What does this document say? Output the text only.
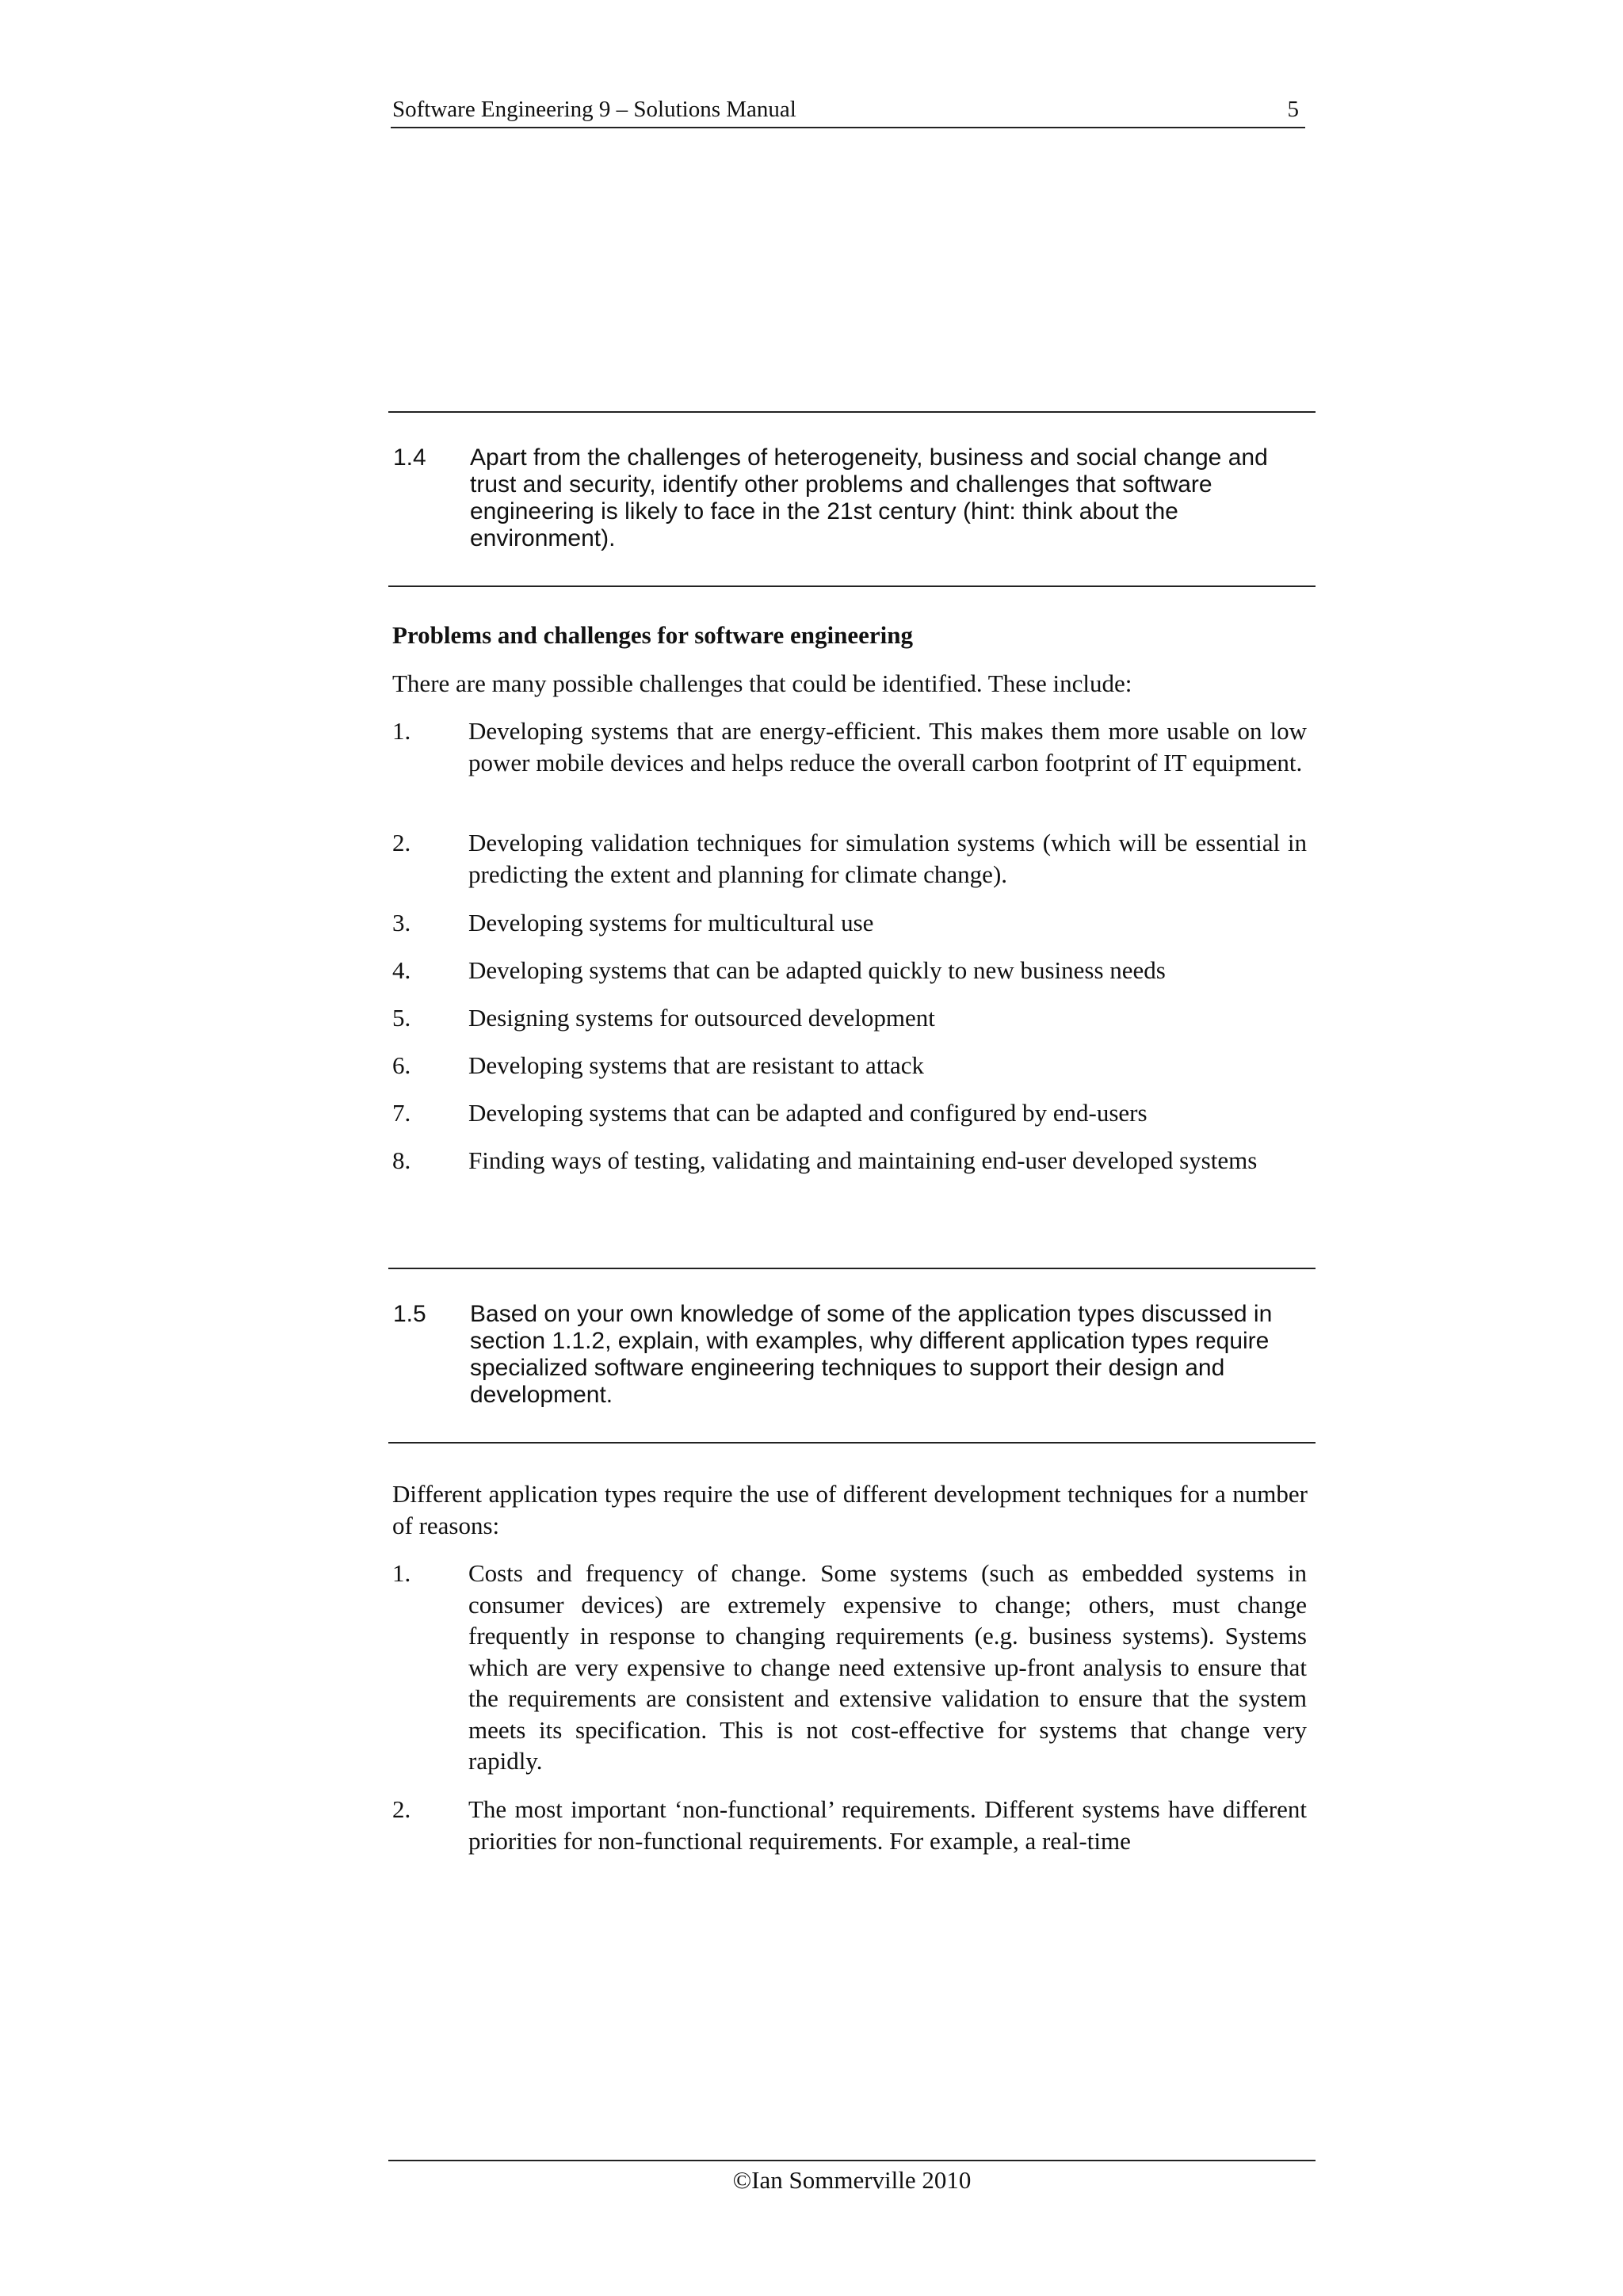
Software Engineering 9 – Solutions Manual	5
1.4 Apart from the challenges of heterogeneity, business and social change and trust and security, identify other problems and challenges that software engineering is likely to face in the 21st century (hint: think about the environment).
Problems and challenges for software engineering
There are many possible challenges that could be identified. These include:
1. Developing systems that are energy-efficient. This makes them more usable on low power mobile devices and helps reduce the overall carbon footprint of IT equipment.
2. Developing validation techniques for simulation systems (which will be essential in predicting the extent and planning for climate change).
3. Developing systems for multicultural use
4. Developing systems that can be adapted quickly to new business needs
5. Designing systems for outsourced development
6. Developing systems that are resistant to attack
7. Developing systems that can be adapted and configured by end-users
8. Finding ways of testing, validating and maintaining end-user developed systems
1.5 Based on your own knowledge of some of the application types discussed in section 1.1.2, explain, with examples, why different application types require specialized software engineering techniques to support their design and development.
Different application types require the use of different development techniques for a number of reasons:
1. Costs and frequency of change. Some systems (such as embedded systems in consumer devices) are extremely expensive to change; others, must change frequently in response to changing requirements (e.g. business systems). Systems which are very expensive to change need extensive up-front analysis to ensure that the requirements are consistent and extensive validation to ensure that the system meets its specification. This is not cost-effective for systems that change very rapidly.
2. The most important ‘non-functional’ requirements. Different systems have different priorities for non-functional requirements. For example, a real-time
©Ian Sommerville 2010
